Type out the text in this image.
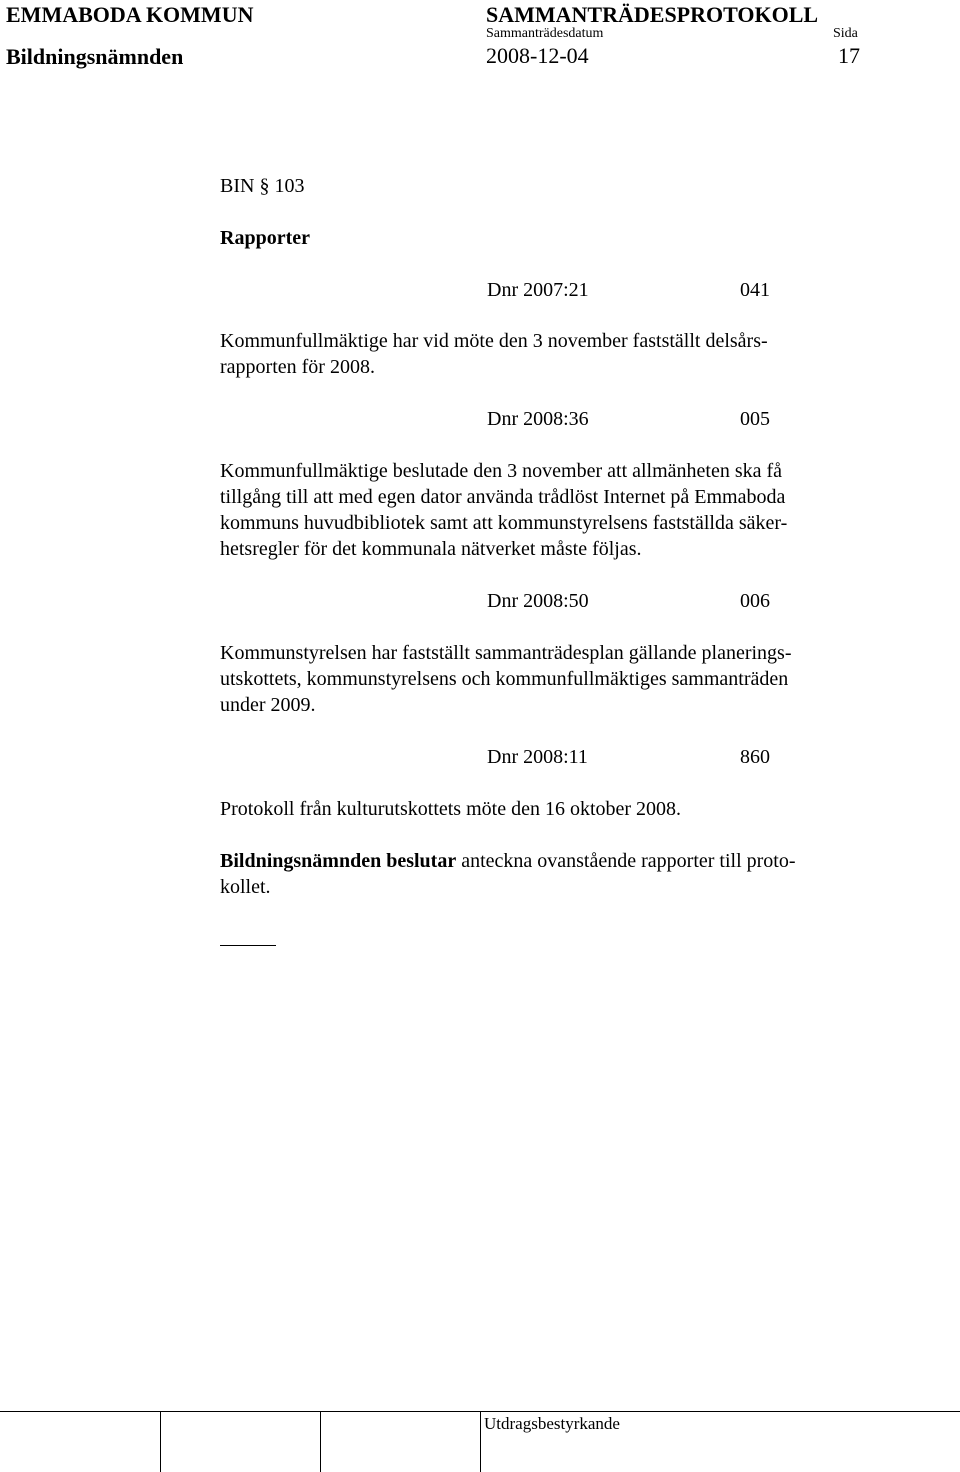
EMMABODA KOMMUN	SAMMANTRÄDESPROTOKOLL
Sammanträdesdatum	Sida
Bildningsnämnden	2008-12-04	17
BIN § 103
Rapporter
Dnr 2007:21	041
Kommunfullmäktige har vid möte den 3 november fastställt delsårs-
rapporten för 2008.
Dnr 2008:36	005
Kommunfullmäktige beslutade den 3 november att allmänheten ska få
tillgång till att med egen dator använda trådlöst Internet på Emmaboda
kommuns huvudbibliotek samt att kommunstyrelsens fastställda säker-
hetsregler för det kommunala nätverket måste följas.
Dnr 2008:50	006
Kommunstyrelsen har fastställt sammanträdesplan gällande planerings-
utskottets, kommunstyrelsens och kommunfullmäktiges sammanträden
under 2009.
Dnr 2008:11	860
Protokoll från kulturutskottets möte den 16 oktober 2008.
Bildningsnämnden beslutar anteckna ovanstående rapporter till proto-
kollet.
Utdragsbestyrkande
